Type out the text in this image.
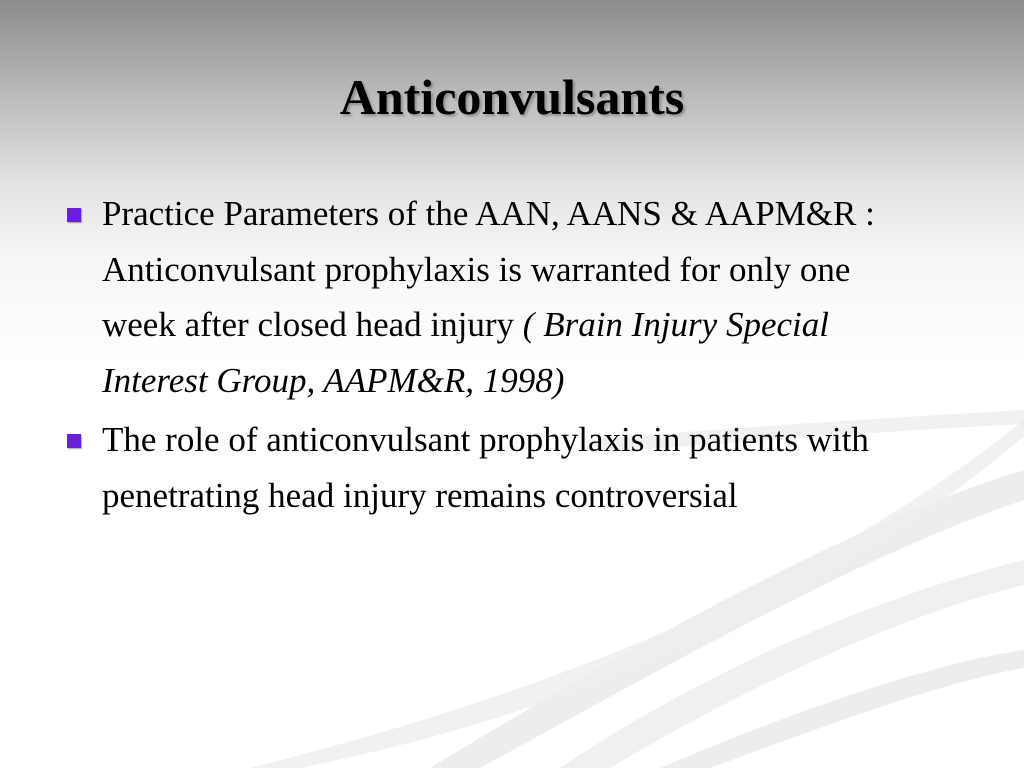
Anticonvulsants
Practice Parameters of the AAN, AANS & AAPM&R : Anticonvulsant prophylaxis is warranted for only one week after closed head injury ( Brain Injury Special Interest Group, AAPM&R, 1998)
The role of anticonvulsant prophylaxis in patients with penetrating head injury remains controversial
